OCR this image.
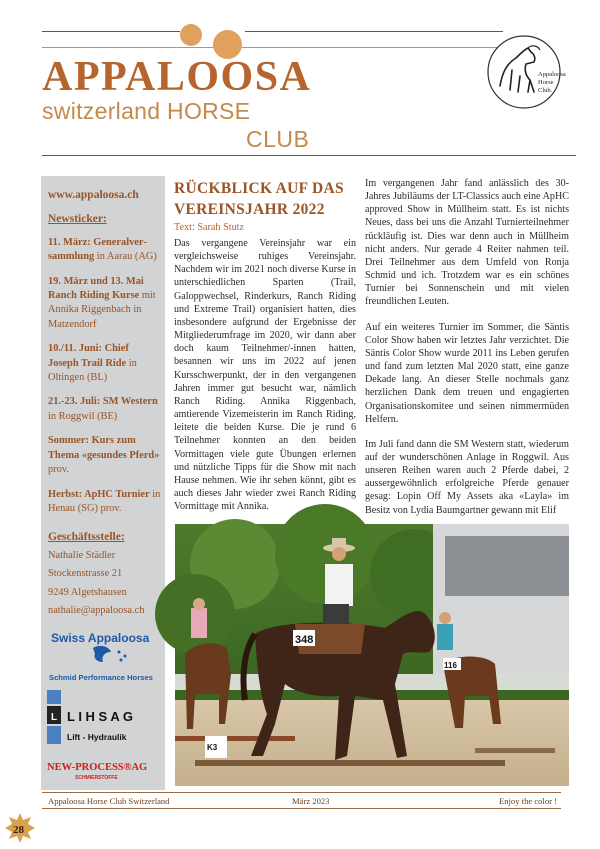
APPALOOSA
switzerland HORSE
CLUB
Appaloosa
Horse
Club.
www.appaloosa.ch
Newsticker:
11. März: Generalversammlung in Aarau (AG)
19. März und 13. Mai Ranch Riding Kurse mit Annika Riggenbach in Matzendorf
10./11. Juni: Chief Joseph Trail Ride in Oltingen (BL)
21.-23. Juli: SM Western in Roggwil (BE)
Sommer: Kurs zum Thema «gesundes Pferd» prov.
Herbst: ApHC Turnier in Henau (SG) prov.
Geschäftsstelle:
Nathalie Städler
Stockenstrasse 21
9249 Algetshausen
nathalie@appaloosa.ch
Swiss Appaloosa
Schmid Performance Horses
L L I H S A G
Lift - Hydraulik
NEW-PROCESS®AG
SCHMIERSTOFFE
RÜCKBLICK AUF DAS VEREINSJAHR 2022
Text: Sarah Stutz

Das vergangene Vereinsjahr war ein vergleichsweise ruhiges Vereinsjahr. Nachdem wir im 2021 noch diverse Kurse in unterschiedlichen Sparten (Trail, Galoppwechsel, Rinderkurs, Ranch Riding und Extreme Trail) organisiert hatten, dies insbesondere aufgrund der Ergebnisse der Mitgliederumfrage im 2020, wir dann aber doch kaum Teilnehmer/-innen hatten, besannen wir uns im 2022 auf jenen Kursschwerpunkt, der in den vergangenen Jahren immer gut besucht war, nämlich Ranch Riding. Annika Riggenbach, amtierende Vizemeisterin im Ranch Riding, leitete die beiden Kurse. Die je rund 6 Teilnehmer konnten an den beiden Vormittagen viele gute Übungen erlernen und nützliche Tipps für die Show mit nach Hause nehmen. Wie ihr sehen könnt, gibt es auch dieses Jahr wieder zwei Ranch Riding Vormittage mit Annika.

Im vergangenen Jahr fand anlässlich des 30-Jahres Jubiläums der LT-Classics auch eine ApHC approved Show in Müllheim statt. Es ist nichts Neues, dass bei uns die Anzahl Turnierteilnehmer rückläufig ist. Dies war denn auch in Müllheim nicht anders. Nur gerade 4 Reiter nahmen teil. Drei Teilnehmer aus dem Umfeld von Ronja Schmid und ich. Trotzdem war es ein schönes Turnier bei Sonnenschein und mit vielen freundlichen Leuten.

Auf ein weiteres Turnier im Sommer, die Säntis Color Show haben wir letztes Jahr verzichtet. Die Säntis Color Show wurde 2011 ins Leben gerufen und fand zum letzten Mal 2020 statt, eine ganze Dekade lang. An dieser Stelle nochmals ganz herzlichen Dank dem treuen und engagierten Organisationskomitee und seinen nimmermüden Helfern.

Im Juli fand dann die SM Western statt, wiederum auf der wunderschönen Anlage in Roggwil. Aus unseren Reihen waren auch 2 Pferde dabei, 2 aussergewöhnlich erfolgreiche Pferde genauer gesag: Lopin Off My Assets aka «Layla» im Besitz von Lydia Baumgartner gewann mit Elif

348
116
K3
Appaloosa Horse Club Switzerland	März 2023	Enjoy the color !
28
